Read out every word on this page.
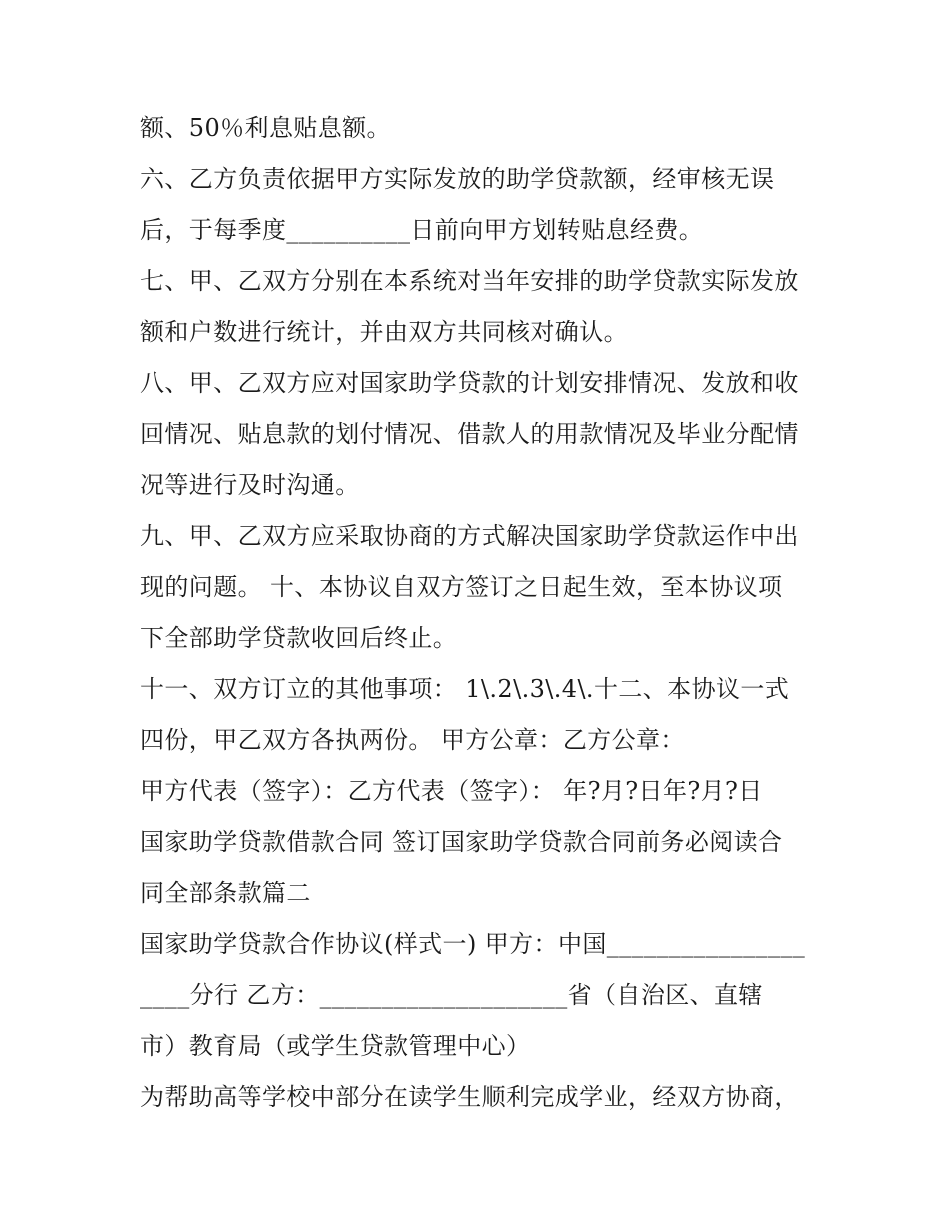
额、50％利息贴息额。

六、乙方负责依据甲方实际发放的助学贷款额，经审核无误

后，于每季度__________日前向甲方划转贴息经费。

七、甲、乙双方分别在本系统对当年安排的助学贷款实际发放

额和户数进行统计，并由双方共同核对确认。

八、甲、乙双方应对国家助学贷款的计划安排情况、发放和收

回情况、贴息款的划付情况、借款人的用款情况及毕业分配情

况等进行及时沟通。

九、甲、乙双方应采取协商的方式解决国家助学贷款运作中出

现的问题。 十、本协议自双方签订之日起生效，至本协议项

下全部助学贷款收回后终止。

十一、双方订立的其他事项： 1\.2\.3\.4\.十二、本协议一式

四份，甲乙双方各执两份。 甲方公章：乙方公章：

甲方代表（签字）：乙方代表（签字）： 年?月?日年?月?日

国家助学贷款借款合同 签订国家助学贷款合同前务必阅读合

同全部条款篇二

国家助学贷款合作协议(样式一) 甲方：中国________________

____分行 乙方：____________________省（自治区、直辖

市）教育局（或学生贷款管理中心）

为帮助高等学校中部分在读学生顺利完成学业，经双方协商，
